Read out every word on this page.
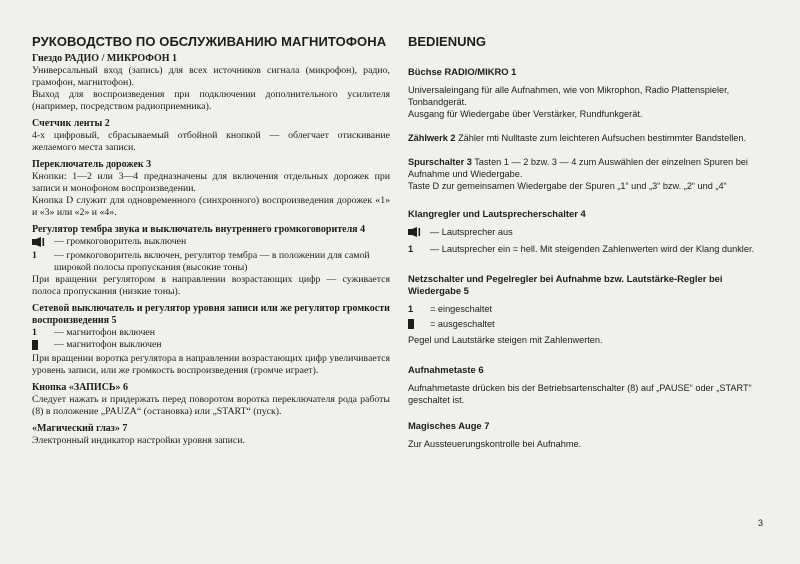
РУКОВОДСТВО ПО ОБСЛУЖИВАНИЮ МАГНИТОФОНА
Гнездо РАДИО / МИКРОФОН 1

Универсальный вход (запись) для всех источников сигнала (микрофон), радио, грамофон, магнитофон).

Выход для воспроизведения при подключении дополнительного усилителя (например, посредством радиоприемника).

Счетчик ленты 2

4-х цифровый, сбрасываемый отбойной кнопкой — облегчает отискивание желаемого места записи.

Переключатель дорожек 3

Кнопки: 1—2 или 3—4 предназначены для включения отдельных дорожек при записи и монофоном воспроизведении.

Кнопка D служит для одновременного (синхронного) воспроизведения дорожек «1» и «3» или «2» и «4».

Регулятор тембра звука и выключатель внутреннего громкоговорителя 4
— громкоговоритель выключен
1	— громкоговоритель включен, регулятор тембра — в положении для самой широкой полосы пропускания (высокие тоны)

При вращении регулятором в направлении возрастающих цифр — суживается полоса пропускания (низкие тоны).

Сетевой выключатель и регулятор уровня записи или же регулятор громкости воспроизведения 5
1	— магнитофон включен
— магнитофон выключен

При вращении воротка регулятора в направлении возрастающих цифр увеличивается уровень записи, или же громкость воспроизведения (громче играет).

Кнопка «ЗАПИСЬ» 6

Следует нажать и придержать перед поворотом воротка переключателя рода работы (8) в положение „PAUZA“ (остановка) или „START“ (пуск).

«Магический глаз» 7

Электронный индикатор настройки уровня записи.

BEDIENUNG
Büchse RADIO/MIKRO 1

Universaleingang für alle Aufnahmen, wie von Mikrophon, Radio Plattenspieler, Tonbandgerät.

Ausgang für Wiedergabe über Verstärker, Rundfunkgerät.

Zählwerk 2 Zähler mti Nulltaste zum leichteren Aufsuchen bestimmter Bandstellen.

Spurschalter 3 Tasten 1 — 2 bzw. 3 — 4 zum Auswählen der einzelnen Spuren bei Aufnahme und Wiedergabe.

Taste D zur gemeinsamen Wiedergabe der Spuren „1“ und „3“ bzw. „2“ und „4“

Klangregler und Lautsprecherschalter 4
— Lautsprecher aus
1	— Lautsprecher ein = hell. Mit steigenden Zahlenwerten wird der Klang dunkler.
Netzschalter und Pegelregler bei Aufnahme bzw. Lautstärke-Regler bei Wiedergabe 5
1	= eingeschaltet
= ausgeschaltet

Pegel und Lautstärke steigen mit Zahlenwerten.

Aufnahmetaste 6

Aufnahmetaste drücken bis der Betriebsartenschalter (8) auf „PAUSE“ oder „START“ geschaltet ist.

Magisches Auge 7

Zur Aussteuerungskontrolle bei Aufnahme.

3
